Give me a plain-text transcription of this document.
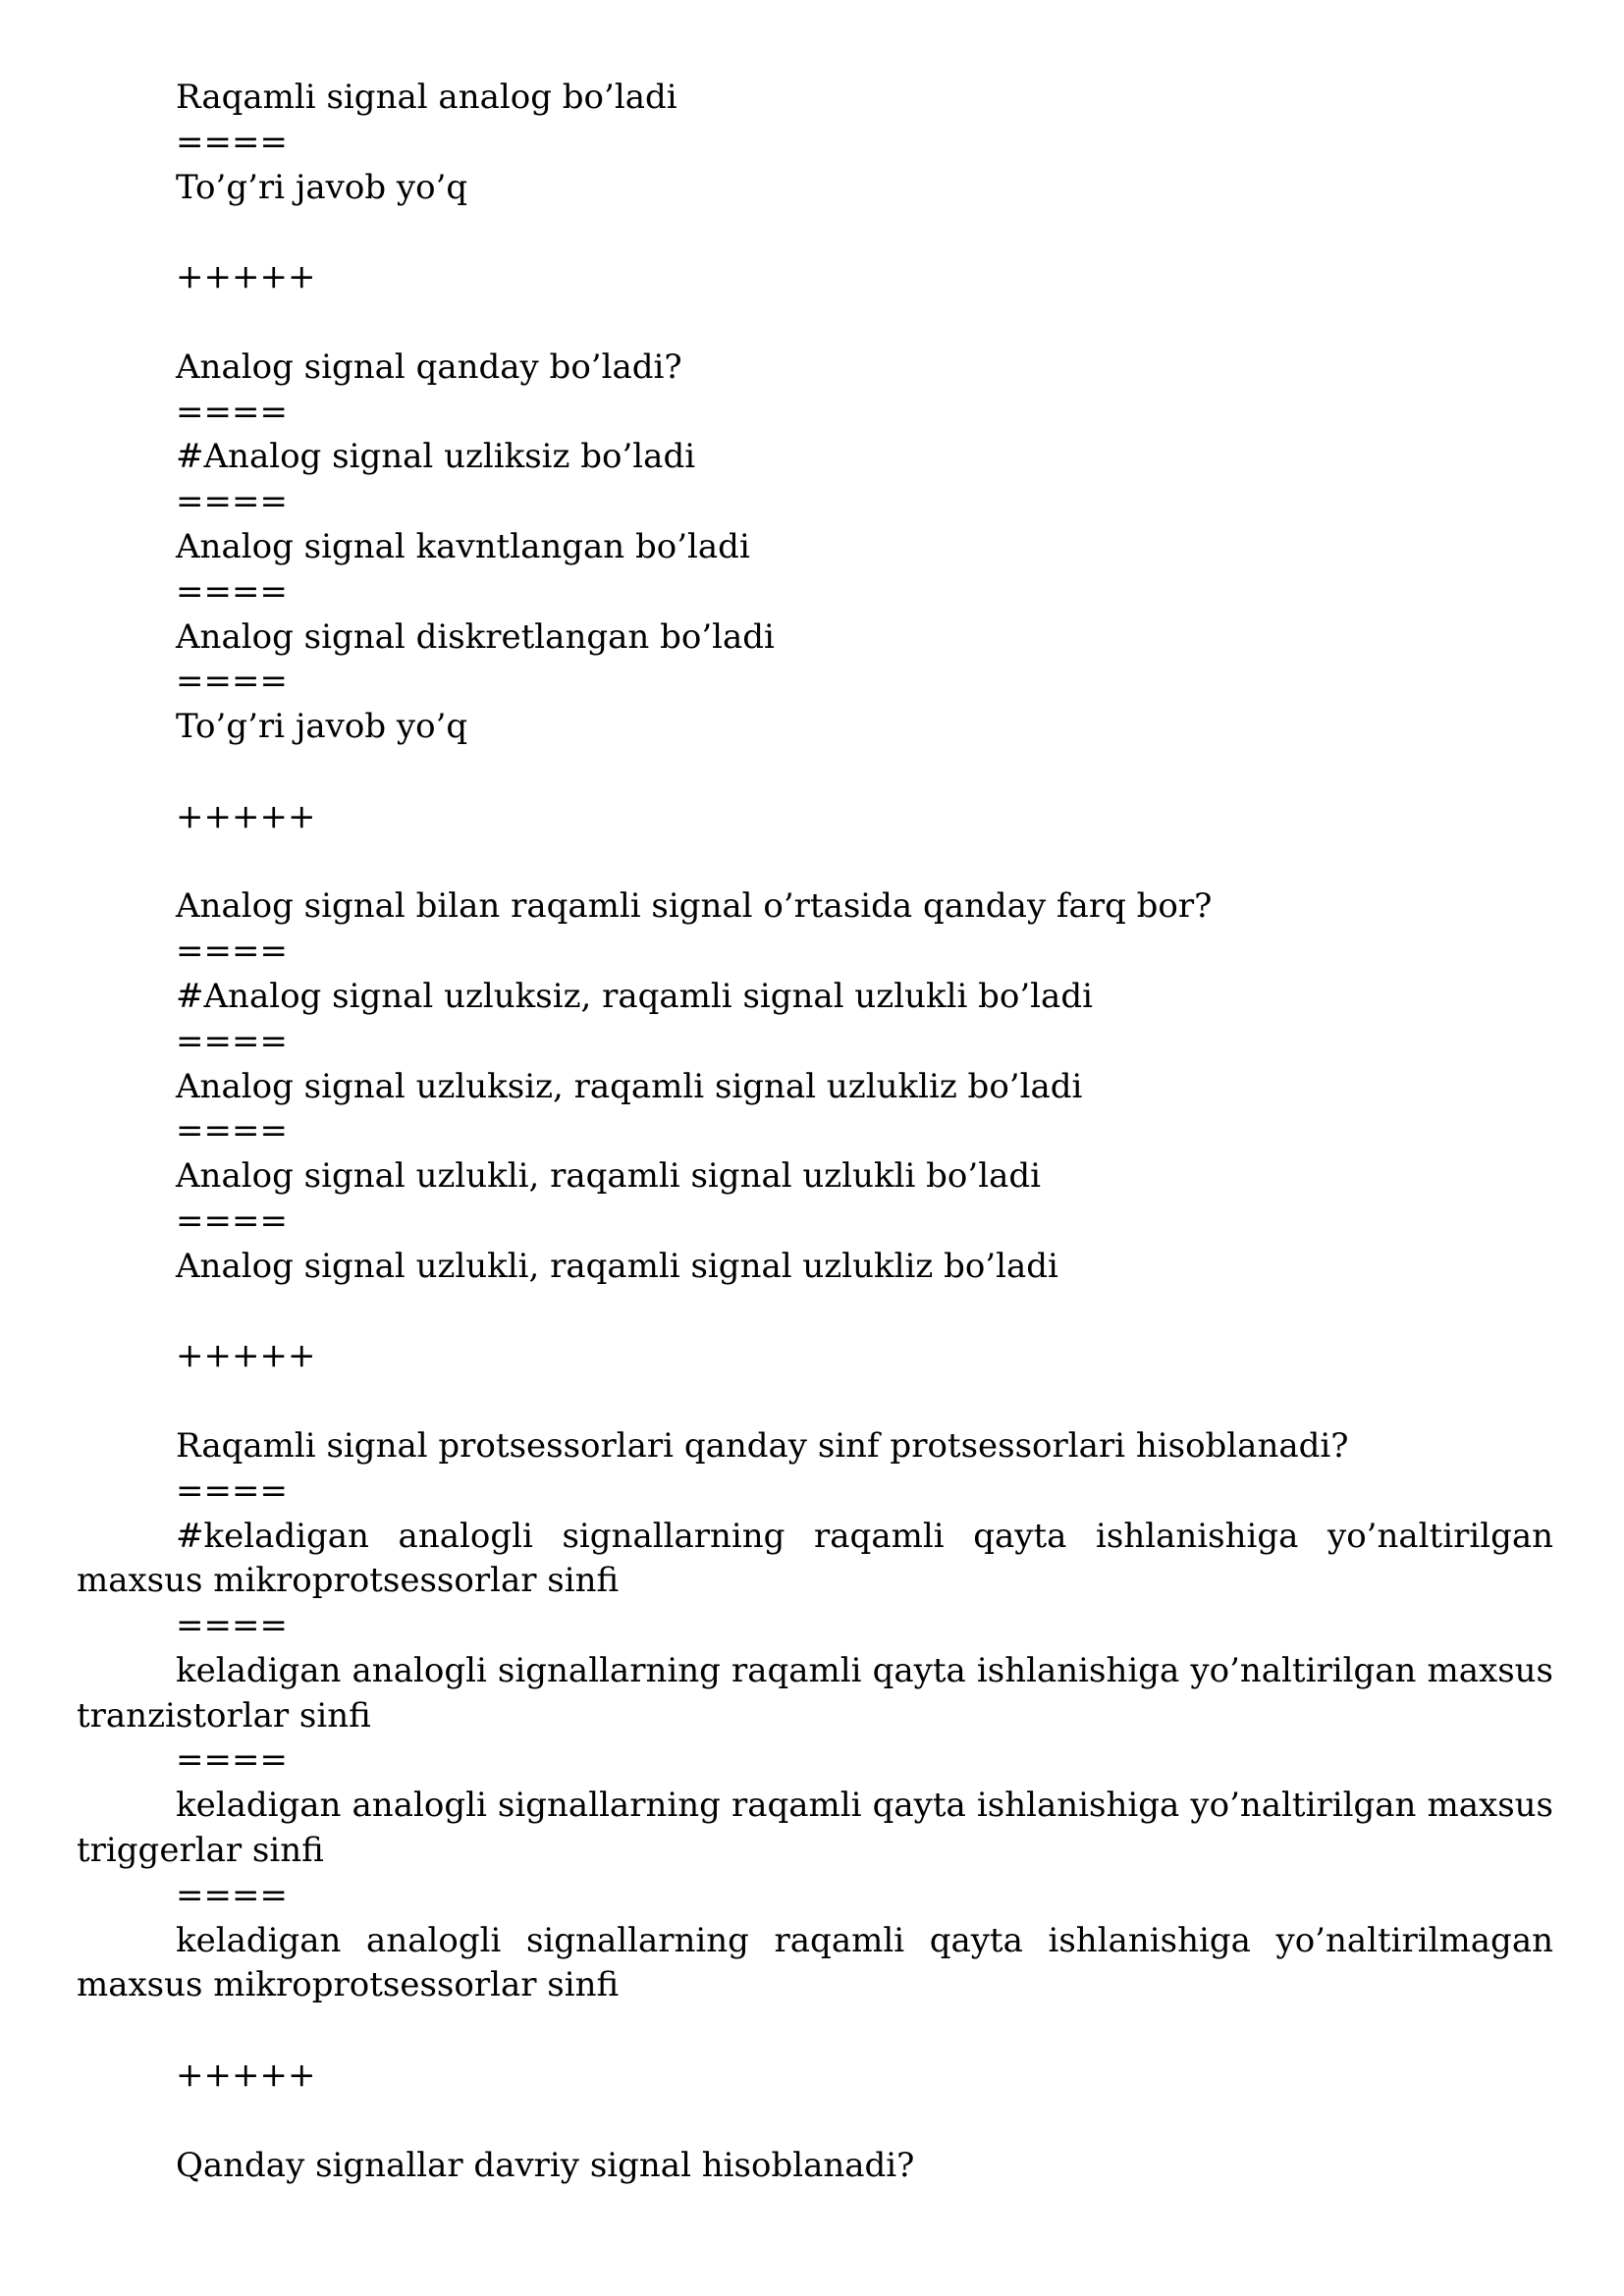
Raqamli signal analog bo’ladi
====
To’g’ri javob yo’q
+++++
Analog signal qanday bo’ladi?
====
#Analog signal uzliksiz bo’ladi
====
Analog signal kavntlangan bo’ladi
====
Analog signal diskretlangan bo’ladi
====
To’g’ri javob yo’q
+++++
Analog signal bilan raqamli signal o’rtasida qanday farq bor?
====
#Analog signal uzluksiz, raqamli signal uzlukli bo’ladi
====
Analog signal uzluksiz, raqamli signal uzlukliz bo’ladi
====
Analog signal uzlukli, raqamli signal uzlukli bo’ladi
====
Analog signal uzlukli, raqamli signal uzlukliz bo’ladi
+++++
Raqamli signal protsessorlari qanday sinf protsessorlari hisoblanadi?
====
#keladigan analogli signallarning raqamli qayta ishlanishiga yo’naltirilgan maxsus mikroprotsessorlar sinfi
====
keladigan analogli signallarning raqamli qayta ishlanishiga yo’naltirilgan maxsus tranzistorlar sinfi
====
keladigan analogli signallarning raqamli qayta ishlanishiga yo’naltirilgan maxsus triggerlar sinfi
====
keladigan analogli signallarning raqamli qayta ishlanishiga yo’naltirilmagan maxsus mikroprotsessorlar sinfi
+++++
Qanday signallar davriy signal hisoblanadi?
